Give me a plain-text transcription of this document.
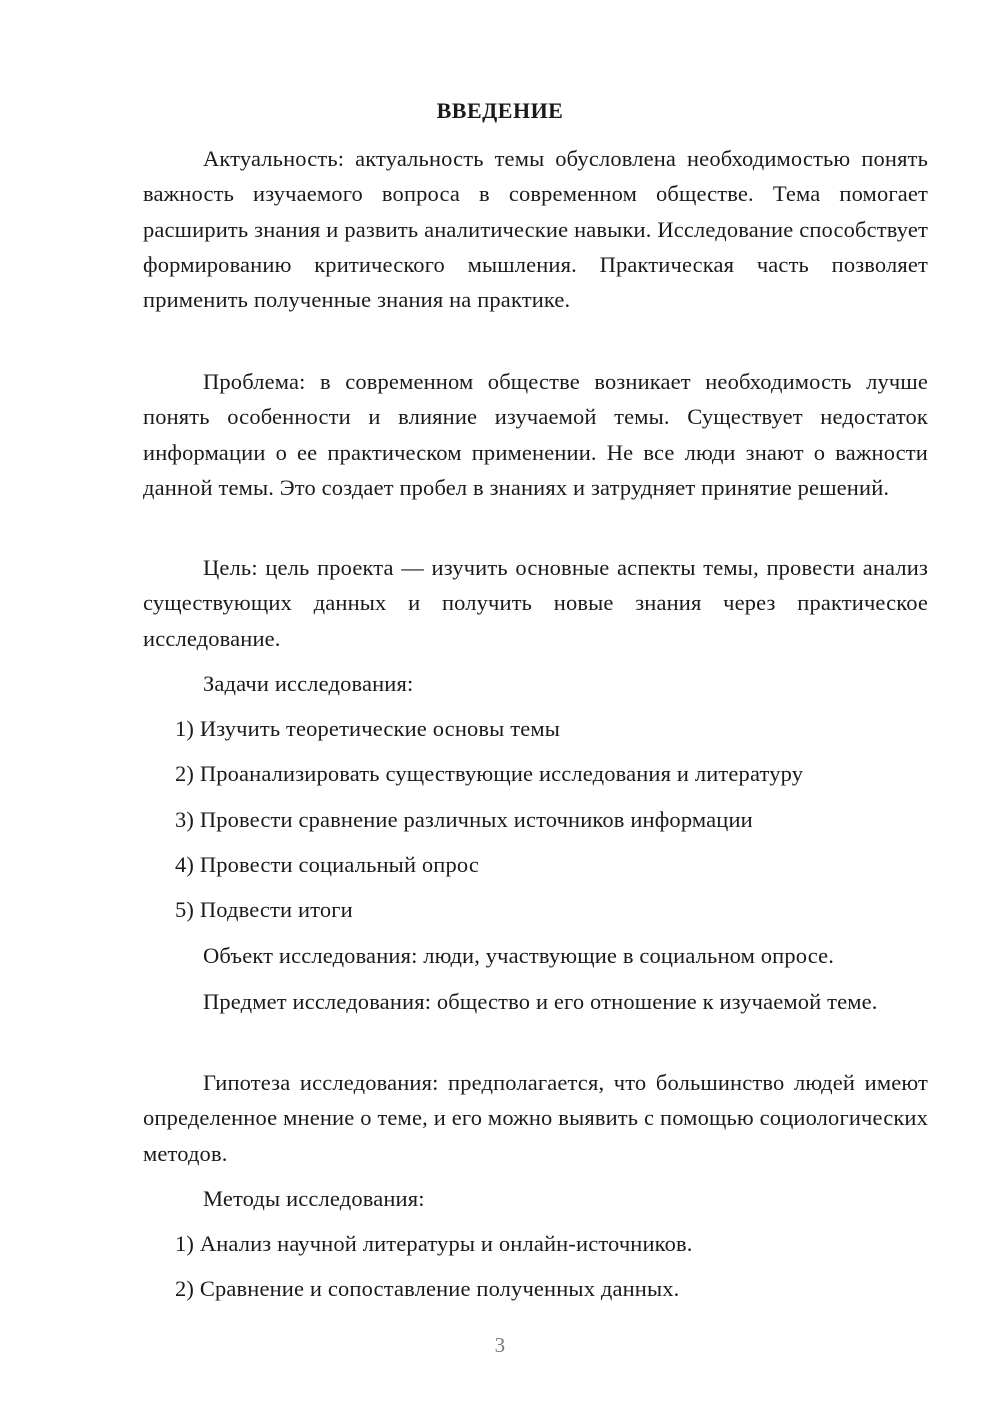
ВВЕДЕНИЕ

Актуальность: актуальность темы обусловлена необходимостью понять важность изучаемого вопроса в современном обществе. Тема помогает расширить знания и развить аналитические навыки. Исследование способствует формированию критического мышления. Практическая часть позволяет применить полученные знания на практике.

Проблема: в современном обществе возникает необходимость лучше понять особенности и влияние изучаемой темы. Существует недостаток информации о ее практическом применении. Не все люди знают о важности данной темы. Это создает пробел в знаниях и затрудняет принятие решений.

Цель: цель проекта — изучить основные аспекты темы, провести анализ существующих данных и получить новые знания через практическое исследование.

Задачи исследования:
1) Изучить теоретические основы темы
2) Проанализировать существующие исследования и литературу
3) Провести сравнение различных источников информации
4) Провести социальный опрос
5) Подвести итоги
Объект исследования: люди, участвующие в социальном опросе.

Предмет исследования: общество и его отношение к изучаемой теме.

Гипотеза исследования: предполагается, что большинство людей имеют определенное мнение о теме, и его можно выявить с помощью социологических методов.

Методы исследования:
1) Анализ научной литературы и онлайн-источников.
2) Сравнение и сопоставление полученных данных.
3
